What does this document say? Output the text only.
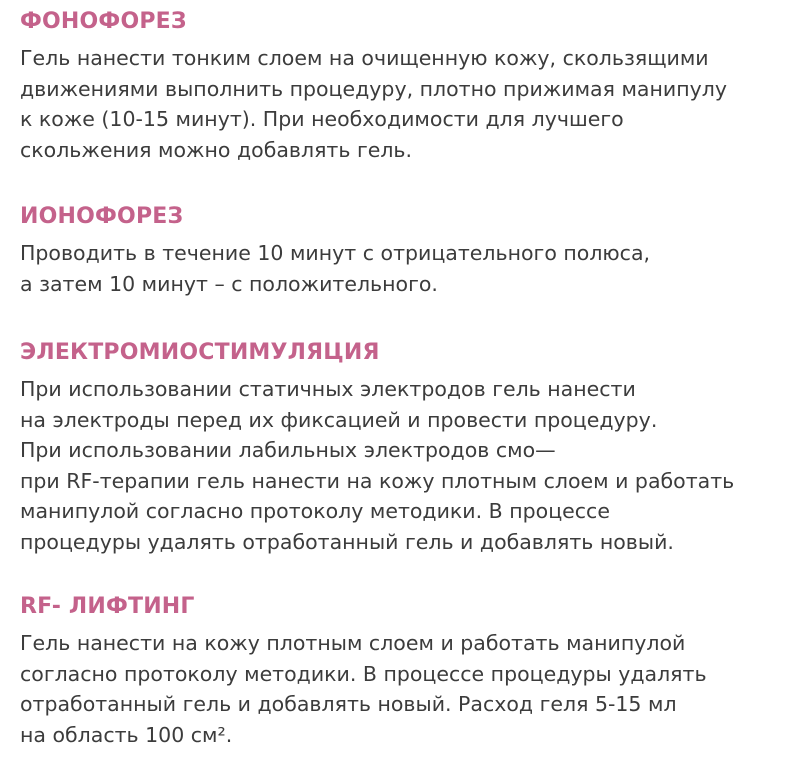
ФОНОФОРЕЗ

Гель нанести тонким слоем на очищенную кожу, скользящими
движениями выполнить процедуру, плотно прижимая манипулу
к коже (10-15 минут). При необходимости для лучшего
скольжения можно добавлять гель.

ИОНОФОРЕЗ

Проводить в течение 10 минут с отрицательного полюса,
а затем 10 минут – с положительного.

ЭЛЕКТРОМИОСТИМУЛЯЦИЯ

При использовании статичных электродов гель нанести
на электроды перед их фиксацией и провести процедуру.
При использовании лабильных электродов смо—
при RF-терапии гель нанести на кожу плотным слоем и работать
манипулой согласно протоколу методики. В процессе
процедуры удалять отработанный гель и добавлять новый.

RF- ЛИФТИНГ

Гель нанести на кожу плотным слоем и работать манипулой
согласно протоколу методики. В процессе процедуры удалять
отработанный гель и добавлять новый. Расход геля 5-15 мл
на область 100 см².
